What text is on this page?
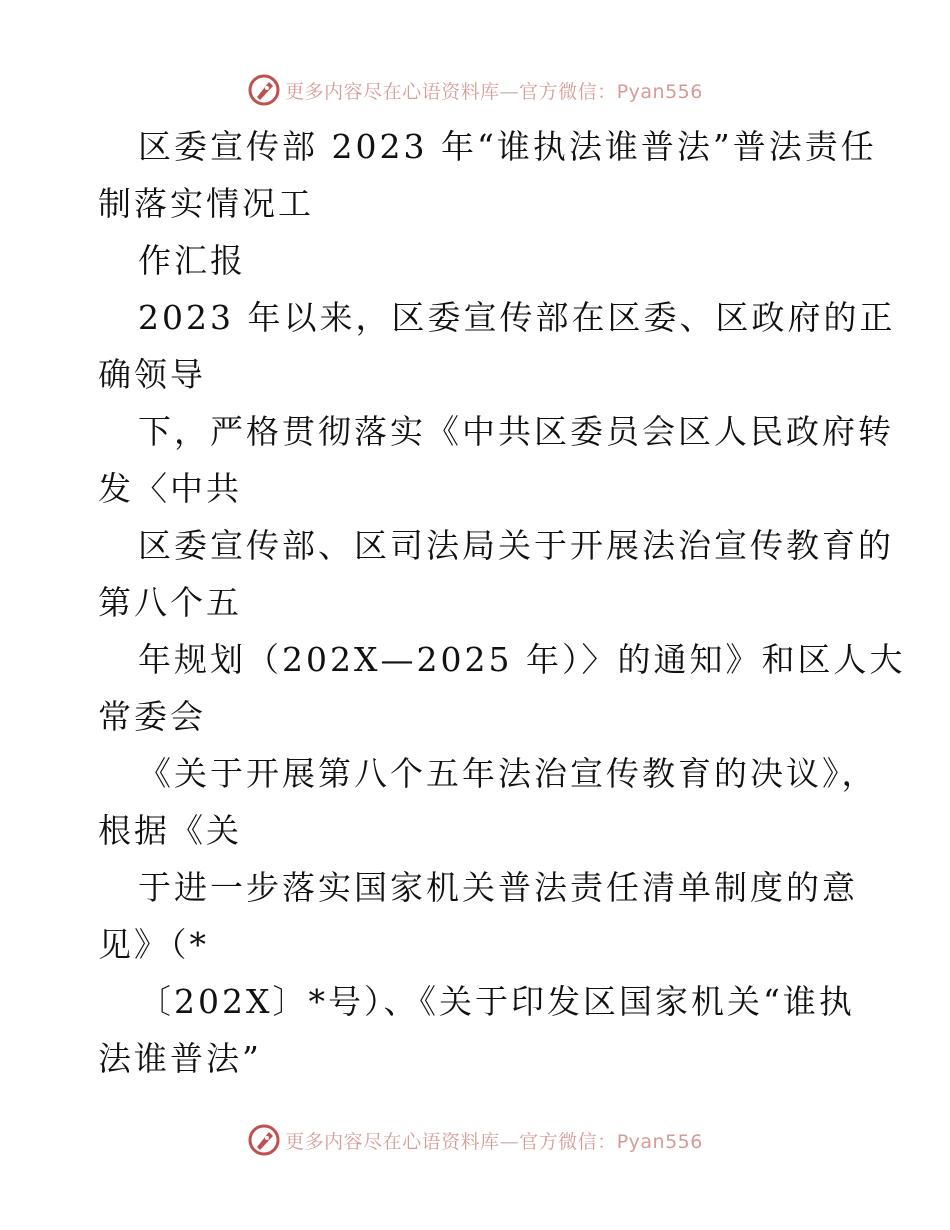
更多内容尽在心语资料库—官方微信：Pyan556
区委宣传部 2023 年“谁执法谁普法”普法责任
制落实情况工
作汇报
2023 年以来，区委宣传部在区委、区政府的正
确领导
下，严格贯彻落实《中共区委员会区人民政府转
发〈中共
区委宣传部、区司法局关于开展法治宣传教育的
第八个五
年规划（202X—2025 年）〉的通知》和区人大
常委会
《关于开展第八个五年法治宣传教育的决议》，
根据《关
于进一步落实国家机关普法责任清单制度的意
见》（*
〔202X〕*号）、《关于印发区国家机关“谁执
法谁普法”
更多内容尽在心语资料库—官方微信：Pyan556
